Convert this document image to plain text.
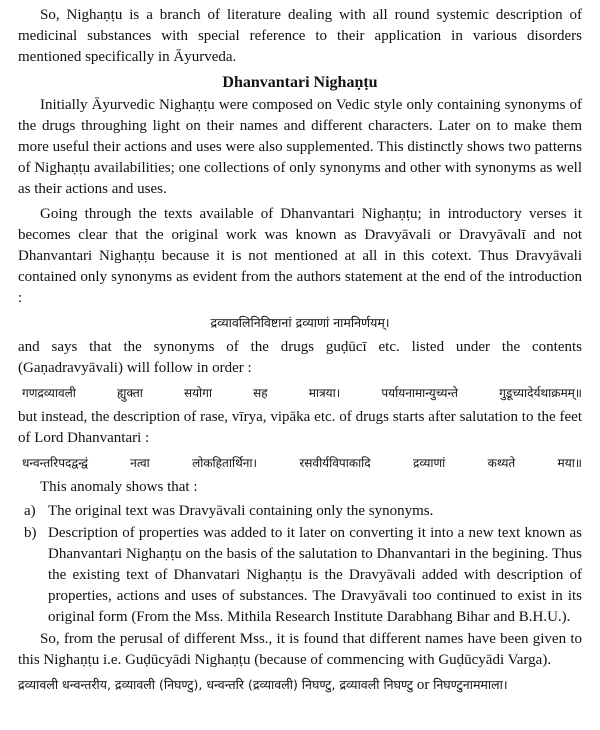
So, Nighaṇṭu is a branch of literature dealing with all round systemic description of medicinal substances with special reference to their application in various disorders mentioned specifically in Āyurveda.

Dhanvantari Nighaṇṭu

Initially Āyurvedic Nighaṇṭu were composed on Vedic style only containing synonyms of the drugs throughing light on their names and different characters. Later on to make them more useful their actions and uses were also supplemented. This distinctly shows two patterns of Nighaṇṭu availabilities; one collections of only synonyms and other with synonyms as well as their actions and uses.

Going through the texts available of Dhanvantari Nighaṇṭu; in introductory verses it becomes clear that the original work was known as Dravyāvali or Dravyāvalī and not Dhanvantari Nighaṇṭu because it is not mentioned at all in this cotext. Thus Dravyāvali contained only synonyms as evident from the authors statement at the end of the introduction :

द्रव्यावलिनिविष्टानां द्रव्याणां नामनिर्णयम्।

and says that the synonyms of the drugs guḍūcī etc. listed under the contents (Gaṇadravyāvali) will follow in order :

गणद्रव्यावली ह्युक्ता सयोगा सह मात्रया। पर्यायनामान्युच्यन्ते गुडूच्यादेर्यथाक्रमम्॥

but instead, the description of rase, vīrya, vipāka etc. of drugs starts after salutation to the feet of Lord Dhanvantari :

धन्वन्तरिपदद्वन्द्वं नत्वा लोकहितार्थिना। रसवीर्यविपाकादि द्रव्याणां कथ्यते मया॥

This anomaly shows that :

a) The original text was Dravyāvali containing only the synonyms.
b) Description of properties was added to it later on converting it into a new text known as Dhanvantari Nighaṇṭu on the basis of the salutation to Dhanvantari in the begining. Thus the existing text of Dhanvatari Nighaṇṭu is the Dravyāvali added with description of properties, actions and uses of substances. The Dravyāvali too continued to exist in its original form (From the Mss. Mithila Research Institute Darabhang Bihar and B.H.U.).

So, from the perusal of different Mss., it is found that different names have been given to this Nighaṇṭu i.e. Guḍūcyādi Nighaṇṭu (because of commencing with Guḍūcyādi Varga).

द्रव्यावली धन्वन्तरीय, द्रव्यावली (निघण्टु), धन्वन्तरि (द्रव्यावली) निघण्टु, द्रव्यावली निघण्टु or निघण्टुनाममाला।
